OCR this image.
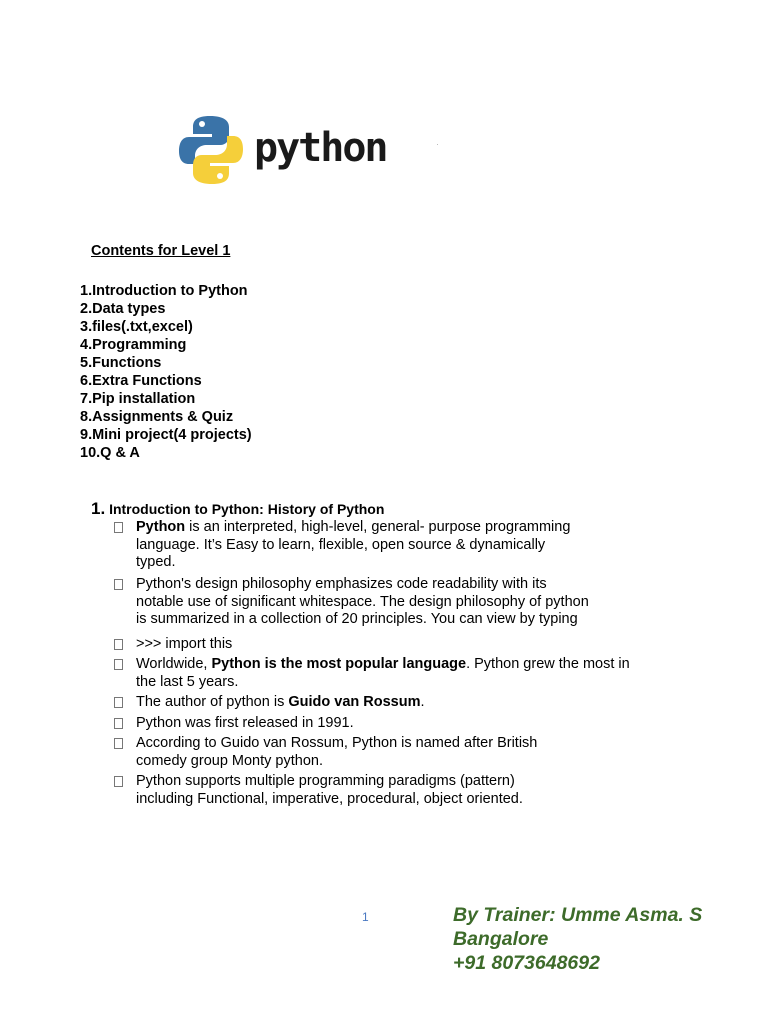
python
Contents for Level 1
1.Introduction to Python
2.Data types
3.files(.txt,excel)
4.Programming
5.Functions
6.Extra Functions
7.Pip installation
8.Assignments & Quiz
9.Mini project(4 projects)
10.Q & A
1. Introduction to Python: History of Python
Python is an interpreted, high-level, general- purpose programming
language. It’s Easy to learn, flexible, open source & dynamically
typed.
Python's design philosophy emphasizes code readability with its
notable use of significant whitespace. The design philosophy of python
is summarized in a collection of 20 principles. You can view by typing
>>> import this
Worldwide, Python is the most popular language. Python grew the most in
the last 5 years.
The author of python is Guido van Rossum.
Python was first released in 1991.
According to Guido van Rossum, Python is named after British
comedy group Monty python.
Python supports multiple programming paradigms (pattern)
including Functional, imperative, procedural, object oriented.
1	By Trainer: Umme Asma. S
Bangalore
+91 8073648692
